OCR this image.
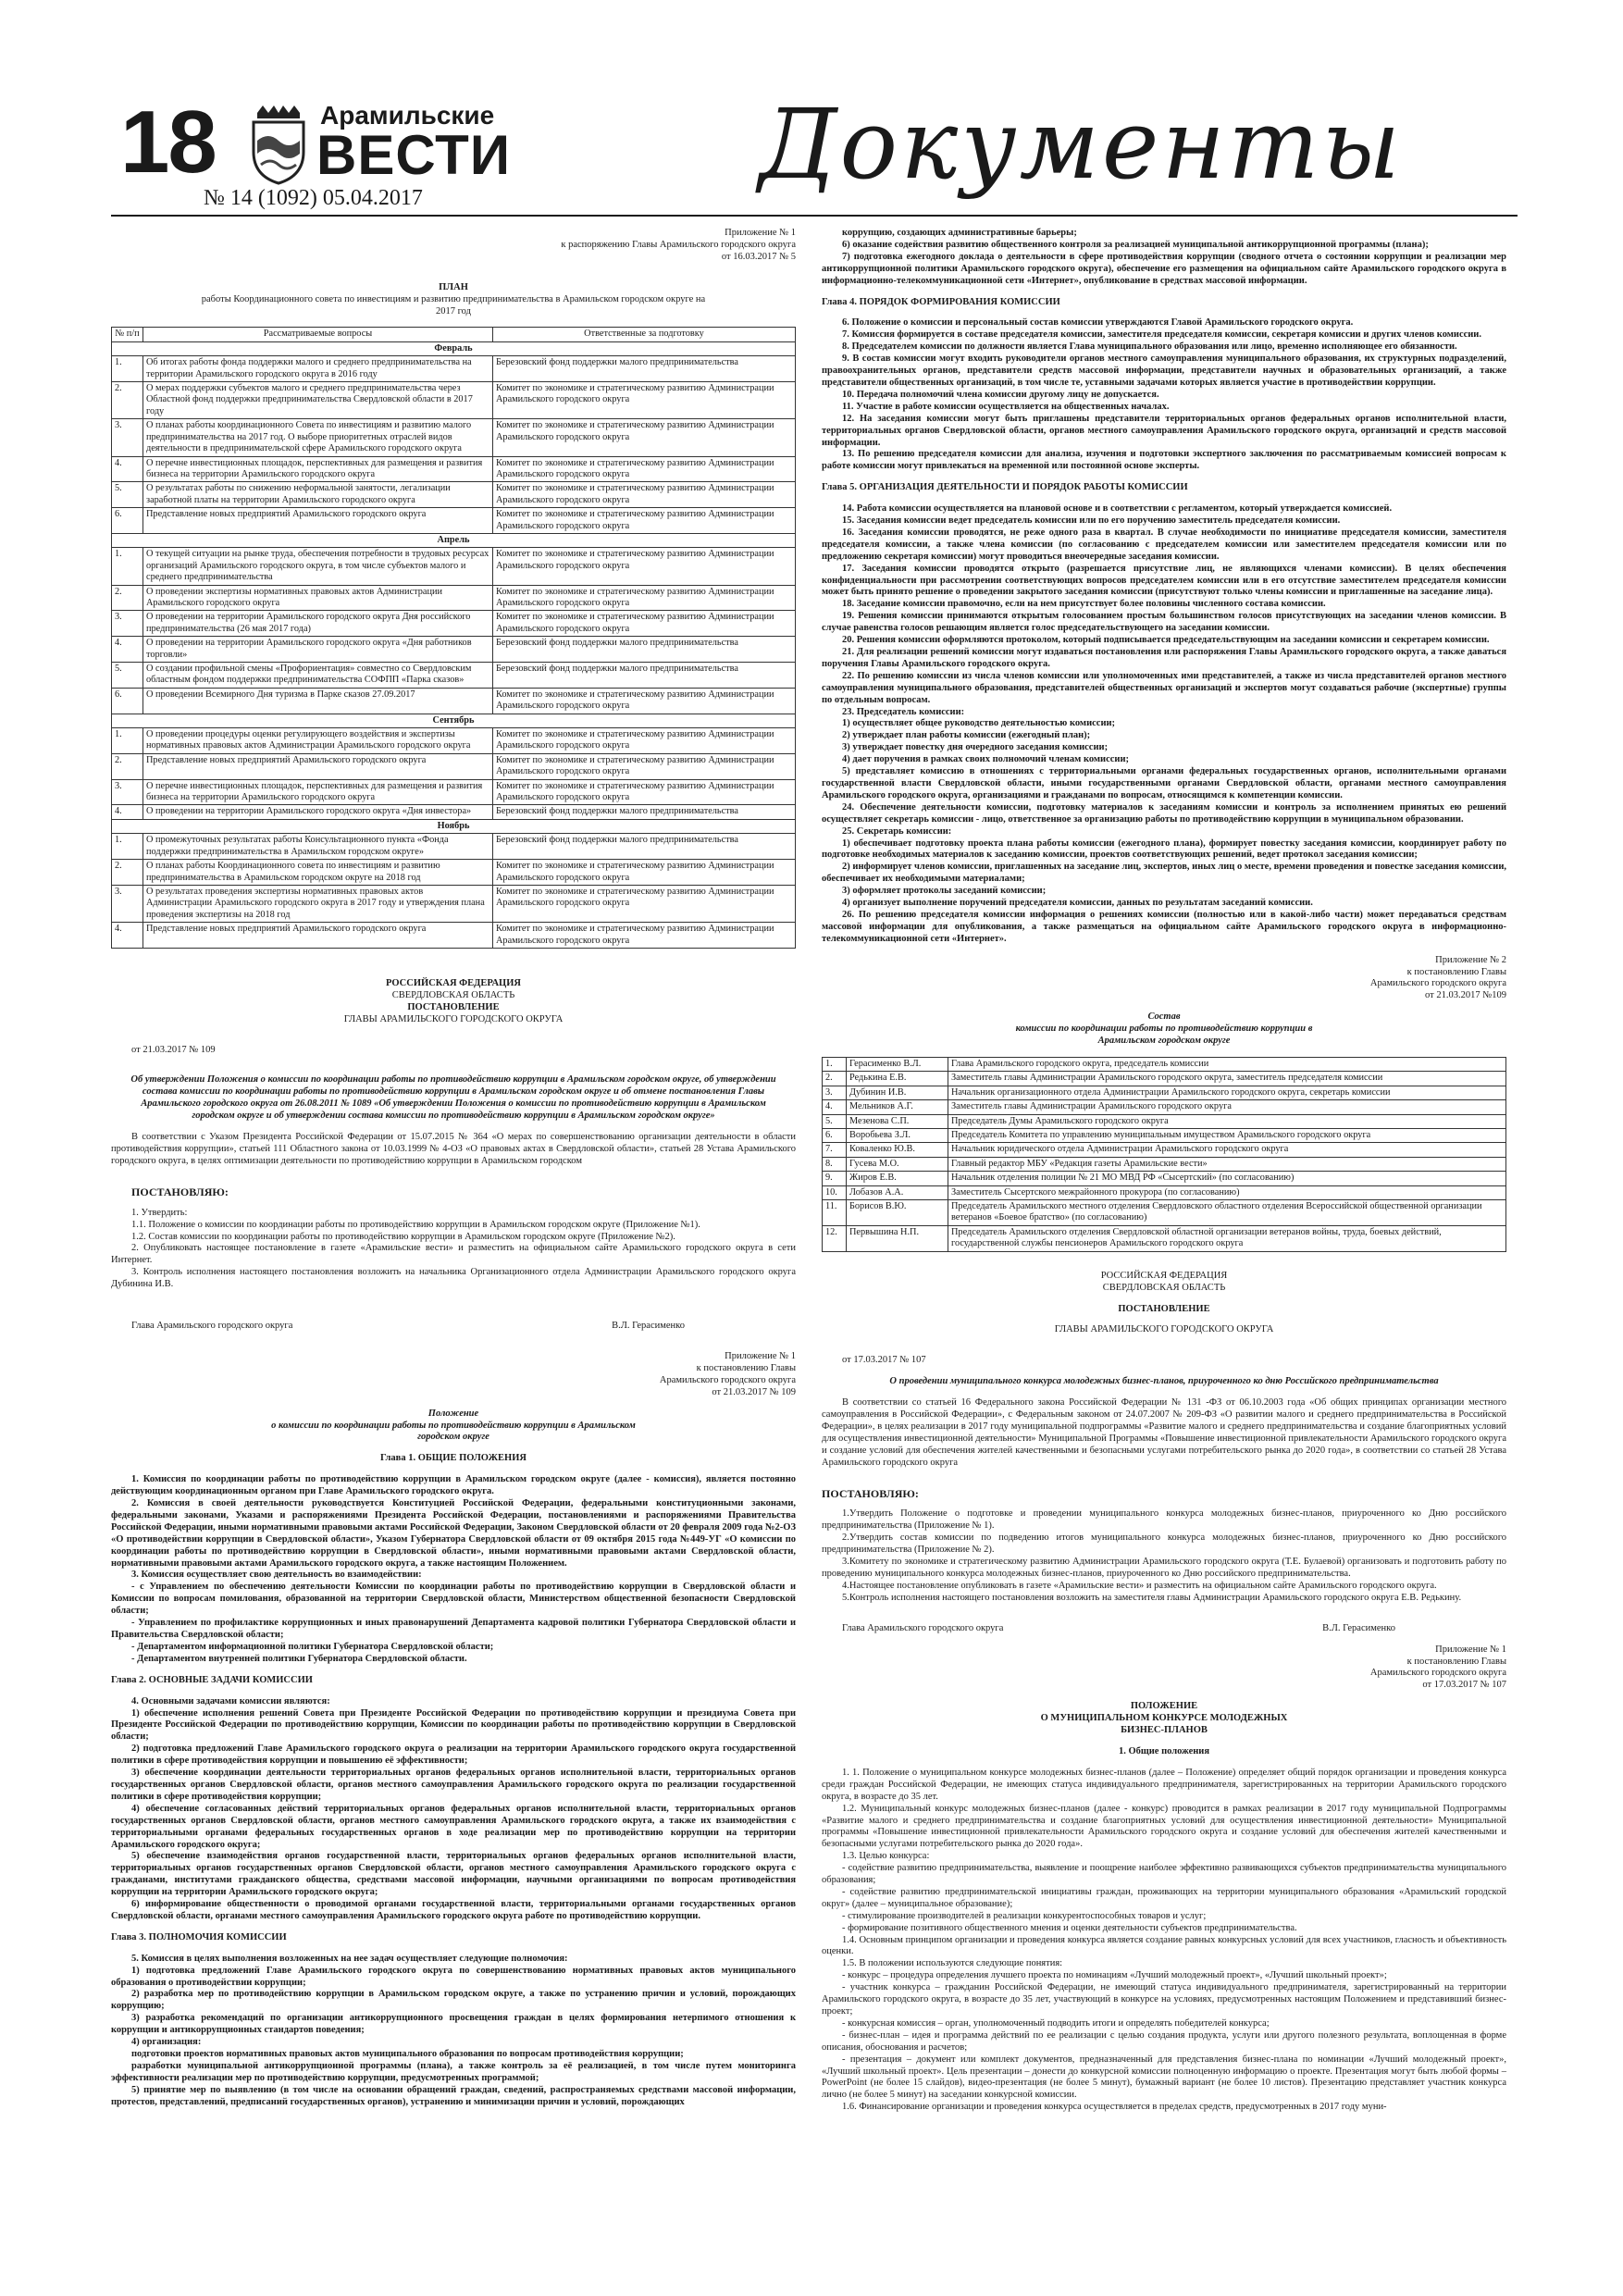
18	Арамильские
ВЕСТИ
№ 14 (1092) 05.04.2017	Документы

Приложение № 1

к распоряжению Главы Арамильского городского округа

от 16.03.2017 № 5

ПЛАН

работы Координационного совета по инвестициям и развитию предпринимательства в Арамильском городском округе на 2017 год

№ п/п	Рассматриваемые вопросы	Ответственные за подготовку
Февраль		
1.	Об итогах работы фонда поддержки малого и среднего предпринимательства на территории Арамильского городского округа в 2016 году	Березовский фонд поддержки малого предпринимательства
2.	О мерах поддержки субъектов малого и среднего предпринимательства через Областной фонд поддержки предпринимательства Свердловской области в 2017 году	Комитет по экономике и стратегическому развитию Администрации Арамильского городского округа
3.	О планах работы координационного Совета по инвестициям и развитию малого предпринимательства на 2017 год. О выборе приоритетных отраслей видов деятельности в предпринимательской сфере Арамильского городского округа	Комитет по экономике и стратегическому развитию Администрации Арамильского городского округа
4.	О перечне инвестиционных площадок, перспективных для размещения и развития бизнеса на территории Арамильского городского округа	Комитет по экономике и стратегическому развитию Администрации Арамильского городского округа
5.	О результатах работы по снижению неформальной занятости, легализации заработной платы на территории Арамильского городского округа	Комитет по экономике и стратегическому развитию Администрации Арамильского городского округа
6.	Представление новых предприятий Арамильского городского округа	Комитет по экономике и стратегическому развитию Администрации Арамильского городского округа
Апрель		
1.	О текущей ситуации на рынке труда, обеспечения потребности в трудовых ресурсах организаций Арамильского городского округа, в том числе субъектов малого и среднего предпринимательства	Комитет по экономике и стратегическому развитию Администрации Арамильского городского округа
2.	О проведении экспертизы нормативных правовых актов Администрации Арамильского городского округа	Комитет по экономике и стратегическому развитию Администрации Арамильского городского округа
3.	О проведении на территории Арамильского городского округа Дня российского предпринимательства (26 мая 2017 года)	Комитет по экономике и стратегическому развитию Администрации Арамильского городского округа
4.	О проведении на территории Арамильского городского округа «Дня работников торговли»	Березовский фонд поддержки малого предпринимательства
5.	О создании профильной смены «Профориентация» совместно со Свердловским областным фондом поддержки предпринимательства СОФПП «Парка сказов»	Березовский фонд поддержки малого предпринимательства
6.	О проведении Всемирного Дня туризма в Парке сказов 27.09.2017	Комитет по экономике и стратегическому развитию Администрации Арамильского городского округа
Сентябрь		
1.	О проведении процедуры оценки регулирующего воздействия и экспертизы нормативных правовых актов Администрации Арамильского городского округа	Комитет по экономике и стратегическому развитию Администрации Арамильского городского округа
2.	Представление новых предприятий Арамильского городского округа	Комитет по экономике и стратегическому развитию Администрации Арамильского городского округа
3.	О перечне инвестиционных площадок, перспективных для размещения и развития бизнеса на территории Арамильского городского округа	Комитет по экономике и стратегическому развитию Администрации Арамильского городского округа
4.	О проведении на территории Арамильского городского округа «Дня инвестора»	Березовский фонд поддержки малого предпринимательства
Ноябрь		
1.	О промежуточных результатах работы Консультационного пункта «Фонда поддержки предпринимательства в Арамильском городском округе»	Березовский фонд поддержки малого предпринимательства
2.	О планах работы Координационного совета по инвестициям и развитию предпринимательства в Арамильском городском округе на 2018 год	Комитет по экономике и стратегическому развитию Администрации Арамильского городского округа
3.	О результатах проведения экспертизы нормативных правовых актов Администрации Арамильского городского округа в 2017 году и утверждения плана проведения экспертизы на 2018 год	Комитет по экономике и стратегическому развитию Администрации Арамильского городского округа
4.	Представление новых предприятий Арамильского городского округа	Комитет по экономике и стратегическому развитию Администрации Арамильского городского округа

РОССИЙСКАЯ ФЕДЕРАЦИЯ

СВЕРДЛОВСКАЯ ОБЛАСТЬ

ПОСТАНОВЛЕНИЕ

ГЛАВЫ АРАМИЛЬСКОГО ГОРОДСКОГО ОКРУГА

от 21.03.2017 № 109

Об утверждении Положения о комиссии по координации работы по противодействию коррупции в Арамильском городском округе, об утверждении состава комиссии по координации работы по противодействию коррупции в Арамильском городском округе и об отмене постановления Главы Арамильского городского округа от 26.08.2011 № 1089 «Об утверждении Положения о комиссии по противодействию коррупции в Арамильском городском округе и об утверждении состава комиссии по противодействию коррупции в Арамильском городском округе»

В соответствии с Указом Президента Российской Федерации от 15.07.2015 № 364 «О мерах по совершенствованию организации деятельности в области противодействия коррупции», статьей 111 Областного закона от 10.03.1999 № 4-ОЗ «О правовых актах в Свердловской области», статьей 28 Устава Арамильского городского округа, в целях оптимизации деятельности по противодействию коррупции в Арамильском городском

ПОСТАНОВЛЯЮ:

1. Утвердить:

1.1. Положение о комиссии по координации работы по противодействию коррупции в Арамильском городском округе (Приложение №1).

1.2. Состав комиссии по координации работы по противодействию коррупции в Арамильском городском округе (Приложение №2).

2. Опубликовать настоящее постановление в газете «Арамильские вести» и разместить на официальном сайте Арамильского городского округа в сети Интернет.

3. Контроль исполнения настоящего постановления возложить на начальника Организационного отдела Администрации Арамильского городского округа Дубинина И.В.

Глава Арамильского городского округа	В.Л. Герасименко

Приложение № 1

к постановлению Главы

Арамильского городского округа

от 21.03.2017 № 109

Положение

о комиссии по координации работы по противодействию коррупции в Арамильском городском округе

Глава 1. ОБЩИЕ ПОЛОЖЕНИЯ

1. Комиссия по координации работы по противодействию коррупции в Арамильском городском округе (далее - комиссия), является постоянно действующим координационным органом при Главе Арамильского городского округа.

2. Комиссия в своей деятельности руководствуется Конституцией Российской Федерации, федеральными конституционными законами, федеральными законами, Указами и распоряжениями Президента Российской Федерации, постановлениями и распоряжениями Правительства Российской Федерации, иными нормативными правовыми актами Российской Федерации, Законом Свердловской области от 20 февраля 2009 года №2-ОЗ «О противодействии коррупции в Свердловской области», Указом Губернатора Свердловской области от 09 октября 2015 года №449-УГ «О комиссии по координации работы по противодействию коррупции в Свердловской области», иными нормативными правовыми актами Свердловской области, нормативными правовыми актами Арамильского городского округа, а также настоящим Положением.

3. Комиссия осуществляет свою деятельность во взаимодействии:

- с Управлением по обеспечению деятельности Комиссии по координации работы по противодействию коррупции в Свердловской области и Комиссии по вопросам помилования, образованной на территории Свердловской области, Министерством общественной безопасности Свердловской области;

- Управлением по профилактике коррупционных и иных правонарушений Департамента кадровой политики Губернатора Свердловской области и Правительства Свердловской области;

- Департаментом информационной политики Губернатора Свердловской области;

- Департаментом внутренней политики Губернатора Свердловской области.

Глава 2. ОСНОВНЫЕ ЗАДАЧИ КОМИССИИ

4. Основными задачами комиссии являются:

1) обеспечение исполнения решений Совета при Президенте Российской Федерации по противодействию коррупции и президиума Совета при Президенте Российской Федерации по противодействию коррупции, Комиссии по координации работы по противодействию коррупции в Свердловской области;

2) подготовка предложений Главе Арамильского городского округа о реализации на территории Арамильского городского округа государственной политики в сфере противодействия коррупции и повышению её эффективности;

3) обеспечение координации деятельности территориальных органов федеральных органов исполнительной власти, территориальных органов государственных органов Свердловской области, органов местного самоуправления Арамильского городского округа по реализации государственной политики в сфере противодействия коррупции;

4) обеспечение согласованных действий территориальных органов федеральных органов исполнительной власти, территориальных органов государственных органов Свердловской области, органов местного самоуправления Арамильского городского округа, а также их взаимодействия с территориальными органами федеральных государственных органов в ходе реализации мер по противодействию коррупции на территории Арамильского городского округа;

5) обеспечение взаимодействия органов государственной власти, территориальных органов федеральных органов исполнительной власти, территориальных органов государственных органов Свердловской области, органов местного самоуправления Арамильского городского округа с гражданами, институтами гражданского общества, средствами массовой информации, научными организациями по вопросам противодействия коррупции на территории Арамильского городского округа;

6) информирование общественности о проводимой органами государственной власти, территориальными органами государственных органов Свердловской области, органами местного самоуправления Арамильского городского округа работе по противодействию коррупции.

Глава 3. ПОЛНОМОЧИЯ КОМИССИИ

5. Комиссия в целях выполнения возложенных на нее задач осуществляет следующие полномочия:

1) подготовка предложений Главе Арамильского городского округа по совершенствованию нормативных правовых актов муниципального образования о противодействии коррупции;

2) разработка мер по противодействию коррупции в Арамильском городском округе, а также по устранению причин и условий, порождающих коррупцию;

3) разработка рекомендаций по организации антикоррупционного просвещения граждан в целях формирования нетерпимого отношения к коррупции и антикоррупционных стандартов поведения;

4) организация:

подготовки проектов нормативных правовых актов муниципального образования по вопросам противодействия коррупции;

разработки муниципальной антикоррупционной программы (плана), а также контроль за её реализацией, в том числе путем мониторинга эффективности реализации мер по противодействию коррупции, предусмотренных программой;

5) принятие мер по выявлению (в том числе на основании обращений граждан, сведений, распространяемых средствами массовой информации, протестов, представлений, предписаний государственных органов), устранению и минимизации причин и условий, порождающих

коррупцию, создающих административные барьеры;

6) оказание содействия развитию общественного контроля за реализацией муниципальной антикоррупционной программы (плана);

7) подготовка ежегодного доклада о деятельности в сфере противодействия коррупции (сводного отчета о состоянии коррупции и реализации мер антикоррупционной политики Арамильского городского округа), обеспечение его размещения на официальном сайте Арамильского городского округа в информационно-телекоммуникационной сети «Интернет», опубликование в средствах массовой информации.

Глава 4. ПОРЯДОК ФОРМИРОВАНИЯ КОМИССИИ

6. Положение о комиссии и персональный состав комиссии утверждаются Главой Арамильского городского округа.

7. Комиссия формируется в составе председателя комиссии, заместителя председателя комиссии, секретаря комиссии и других членов комиссии.

8. Председателем комиссии по должности является Глава муниципального образования или лицо, временно исполняющее его обязанности.

9. В состав комиссии могут входить руководители органов местного самоуправления муниципального образования, их структурных подразделений, правоохранительных органов, представители средств массовой информации, представители научных и образовательных организаций, а также представители общественных организаций, в том числе те, уставными задачами которых является участие в противодействии коррупции.

10. Передача полномочий члена комиссии другому лицу не допускается.

11. Участие в работе комиссии осуществляется на общественных началах.

12. На заседания комиссии могут быть приглашены представители территориальных органов федеральных органов исполнительной власти, территориальных органов Свердловской области, органов местного самоуправления Арамильского городского округа, организаций и средств массовой информации.

13. По решению председателя комиссии для анализа, изучения и подготовки экспертного заключения по рассматриваемым комиссией вопросам к работе комиссии могут привлекаться на временной или постоянной основе эксперты.

Глава 5. ОРГАНИЗАЦИЯ ДЕЯТЕЛЬНОСТИ И ПОРЯДОК РАБОТЫ КОМИССИИ

14. Работа комиссии осуществляется на плановой основе и в соответствии с регламентом, который утверждается комиссией.

15. Заседания комиссии ведет председатель комиссии или по его поручению заместитель председателя комиссии.

16. Заседания комиссии проводятся, не реже одного раза в квартал. В случае необходимости по инициативе председателя комиссии, заместителя председателя комиссии, а также члена комиссии (по согласованию с председателем комиссии или заместителем председателя комиссии или по предложению секретаря комиссии) могут проводиться внеочередные заседания комиссии.

17. Заседания комиссии проводятся открыто (разрешается присутствие лиц, не являющихся членами комиссии). В целях обеспечения конфиденциальности при рассмотрении соответствующих вопросов председателем комиссии или в его отсутствие заместителем председателя комиссии может быть принято решение о проведении закрытого заседания комиссии (присутствуют только члены комиссии и приглашенные на заседание лица).

18. Заседание комиссии правомочно, если на нем присутствует более половины численного состава комиссии.

19. Решения комиссии принимаются открытым голосованием простым большинством голосов присутствующих на заседании членов комиссии. В случае равенства голосов решающим является голос председательствующего на заседании комиссии.

20. Решения комиссии оформляются протоколом, который подписывается председательствующим на заседании комиссии и секретарем комиссии.

21. Для реализации решений комиссии могут издаваться постановления или распоряжения Главы Арамильского городского округа, а также даваться поручения Главы Арамильского городского округа.

22. По решению комиссии из числа членов комиссии или уполномоченных ими представителей, а также из числа представителей органов местного самоуправления муниципального образования, представителей общественных организаций и экспертов могут создаваться рабочие (экспертные) группы по отдельным вопросам.

23. Председатель комиссии:

1) осуществляет общее руководство деятельностью комиссии;

2) утверждает план работы комиссии (ежегодный план);

3) утверждает повестку дня очередного заседания комиссии;

4) дает поручения в рамках своих полномочий членам комиссии;

5) представляет комиссию в отношениях с территориальными органами федеральных государственных органов, исполнительными органами государственной власти Свердловской области, иными государственными органами Свердловской области, органами местного самоуправления Арамильского городского округа, организациями и гражданами по вопросам, относящимся к компетенции комиссии.

24. Обеспечение деятельности комиссии, подготовку материалов к заседаниям комиссии и контроль за исполнением принятых ею решений осуществляет секретарь комиссии - лицо, ответственное за организацию работы по противодействию коррупции в муниципальном образовании.

25. Секретарь комиссии:

1) обеспечивает подготовку проекта плана работы комиссии (ежегодного плана), формирует повестку заседания комиссии, координирует работу по подготовке необходимых материалов к заседанию комиссии, проектов соответствующих решений, ведет протокол заседания комиссии;

2) информирует членов комиссии, приглашенных на заседание лиц, экспертов, иных лиц о месте, времени проведения и повестке заседания комиссии, обеспечивает их необходимыми материалами;

3) оформляет протоколы заседаний комиссии;

4) организует выполнение поручений председателя комиссии, данных по результатам заседаний комиссии.

26. По решению председателя комиссии информация о решениях комиссии (полностью или в какой-либо части) может передаваться средствам массовой информации для опубликования, а также размещаться на официальном сайте Арамильского городского округа в информационно-телекоммуникационной сети «Интернет».

Приложение № 2

к постановлению Главы

Арамильского городского округа

от 21.03.2017 №109

Состав

комиссии по координации работы по противодействию коррупции в Арамильском городском округе

1.	Герасименко В.Л.	Глава Арамильского городского округа, председатель комиссии
2.	Редькина Е.В.	Заместитель главы Администрации Арамильского городского округа, заместитель председателя комиссии
3.	Дубинин И.В.	Начальник организационного отдела Администрации Арамильского городского округа, секретарь комиссии
4.	Мельников А.Г.	Заместитель главы Администрации Арамильского городского округа
5.	Мезенова С.П.	Председатель Думы Арамильского городского округа
6.	Воробьева З.Л.	Председатель Комитета по управлению муниципальным имуществом Арамильского городского округа
7.	Коваленко Ю.В.	Начальник юридического отдела Администрации Арамильского городского округа
8.	Гусева М.О.	Главный редактор МБУ «Редакция газеты Арамильские вести»
9.	Жиров Е.В.	Начальник отделения полиции № 21 МО МВД РФ «Сысертский» (по согласованию)
10.	Лобазов А.А.	Заместитель Сысертского межрайонного прокурора (по согласованию)
11.	Борисов В.Ю.	Председатель Арамильского местного отделения Свердловского областного отделения Всероссийской общественной организации ветеранов «Боевое братство» (по согласованию)
12.	Первышина Н.П.	Председатель Арамильского отделения Свердловской областной организации ветеранов войны, труда, боевых действий, государственной службы пенсионеров Арамильского городского округа

РОССИЙСКАЯ ФЕДЕРАЦИЯ

СВЕРДЛОВСКАЯ ОБЛАСТЬ

ПОСТАНОВЛЕНИЕ

ГЛАВЫ АРАМИЛЬСКОГО ГОРОДСКОГО ОКРУГА

от 17.03.2017 № 107

О проведении муниципального конкурса молодежных бизнес-планов, приуроченного ко дню Российского предпринимательства

В соответствии со статьей 16 Федерального закона Российской Федерации № 131 -ФЗ от 06.10.2003 года «Об общих принципах организации местного самоуправления в Российской Федерации», с Федеральным законом от 24.07.2007 № 209-ФЗ «О развитии малого и среднего предпринимательства в Российской Федерации», в целях реализации в 2017 году муниципальной подпрограммы «Развитие малого и среднего предпринимательства и создание благоприятных условий для осуществления инвестиционной деятельности» Муниципальной Программы «Повышение инвестиционной привлекательности Арамильского городского округа и создание условий для обеспечения жителей качественными и безопасными услугами потребительского рынка до 2020 года», в соответствии со статьей 28 Устава Арамильского городского округа

ПОСТАНОВЛЯЮ:

1.Утвердить Положение о подготовке и проведении муниципального конкурса молодежных бизнес-планов, приуроченного ко Дню российского предпринимательства (Приложение № 1).

2.Утвердить состав комиссии по подведению итогов муниципального конкурса молодежных бизнес-планов, приуроченного ко Дню российского предпринимательства (Приложение № 2).

3.Комитету по экономике и стратегическому развитию Администрации Арамильского городского округа (Т.Е. Булаевой) организовать и подготовить работу по проведению муниципального конкурса молодежных бизнес-планов, приуроченного ко Дню российского предпринимательства.

4.Настоящее постановление опубликовать в газете «Арамильские вести» и разместить на официальном сайте Арамильского городского округа.

5.Контроль исполнения настоящего постановления возложить на заместителя главы Администрации Арамильского городского округа Е.В. Редькину.

Глава Арамильского городского округа	В.Л. Герасименко

Приложение № 1

к постановлению Главы

Арамильского городского округа

от 17.03.2017 № 107

ПОЛОЖЕНИЕ

О МУНИЦИПАЛЬНОМ КОНКУРСЕ МОЛОДЕЖНЫХ

БИЗНЕС-ПЛАНОВ

1. Общие положения

1. 1. Положение о муниципальном конкурсе молодежных бизнес-планов (далее – Положение) определяет общий порядок организации и проведения конкурса среди граждан Российской Федерации, не имеющих статуса индивидуального предпринимателя, зарегистрированных на территории Арамильского городского округа, в возрасте до 35 лет.

1.2. Муниципальный конкурс молодежных бизнес-планов (далее - конкурс) проводится в рамках реализации в 2017 году муниципальной Подпрограммы «Развитие малого и среднего предпринимательства и создание благоприятных условий для осуществления инвестиционной деятельности» Муниципальной программы «Повышение инвестиционной привлекательности Арамильского городского округа и создание условий для обеспечения жителей качественными и безопасными услугами потребительского рынка до 2020 года».

1.3. Целью конкурса:

- содействие развитию предпринимательства, выявление и поощрение наиболее эффективно развивающихся субъектов предпринимательства муниципального образования;

- содействие развитию предпринимательской инициативы граждан, проживающих на территории муниципального образования «Арамильский городской округ» (далее – муниципальное образование);

- стимулирование производителей в реализации конкурентоспособных товаров и услуг;

- формирование позитивного общественного мнения и оценки деятельности субъектов предпринимательства.

1.4. Основным принципом организации и проведения конкурса является создание равных конкурсных условий для всех участников, гласность и объективность оценки.

1.5. В положении используются следующие понятия:

- конкурс – процедура определения лучшего проекта по номинациям «Лучший молодежный проект», «Лучший школьный проект»;

- участник конкурса – гражданин Российской Федерации, не имеющий статуса индивидуального предпринимателя, зарегистрированный на территории Арамильского городского округа, в возрасте до 35 лет, участвующий в конкурсе на условиях, предусмотренных настоящим Положением и представивший бизнес-проект;

- конкурсная комиссия – орган, уполномоченный подводить итоги и определять победителей конкурса;

- бизнес-план – идея и программа действий по ее реализации с целью создания продукта, услуги или другого полезного результата, воплощенная в форме описания, обоснования и расчетов;

- презентация – документ или комплект документов, предназначенный для представления бизнес-плана по номинации «Лучший молодежный проект», «Лучший школьный проект». Цель презентации – донести до конкурсной комиссии полноценную информацию о проекте. Презентация могут быть любой формы – PowerPoint (не более 15 слайдов), видео-презентация (не более 5 минут), бумажный вариант (не более 10 листов). Презентацию представляет участник конкурса лично (не более 5 минут) на заседании конкурсной комиссии.

1.6. Финансирование организации и проведения конкурса осуществляется в пределах средств, предусмотренных в 2017 году муни-
